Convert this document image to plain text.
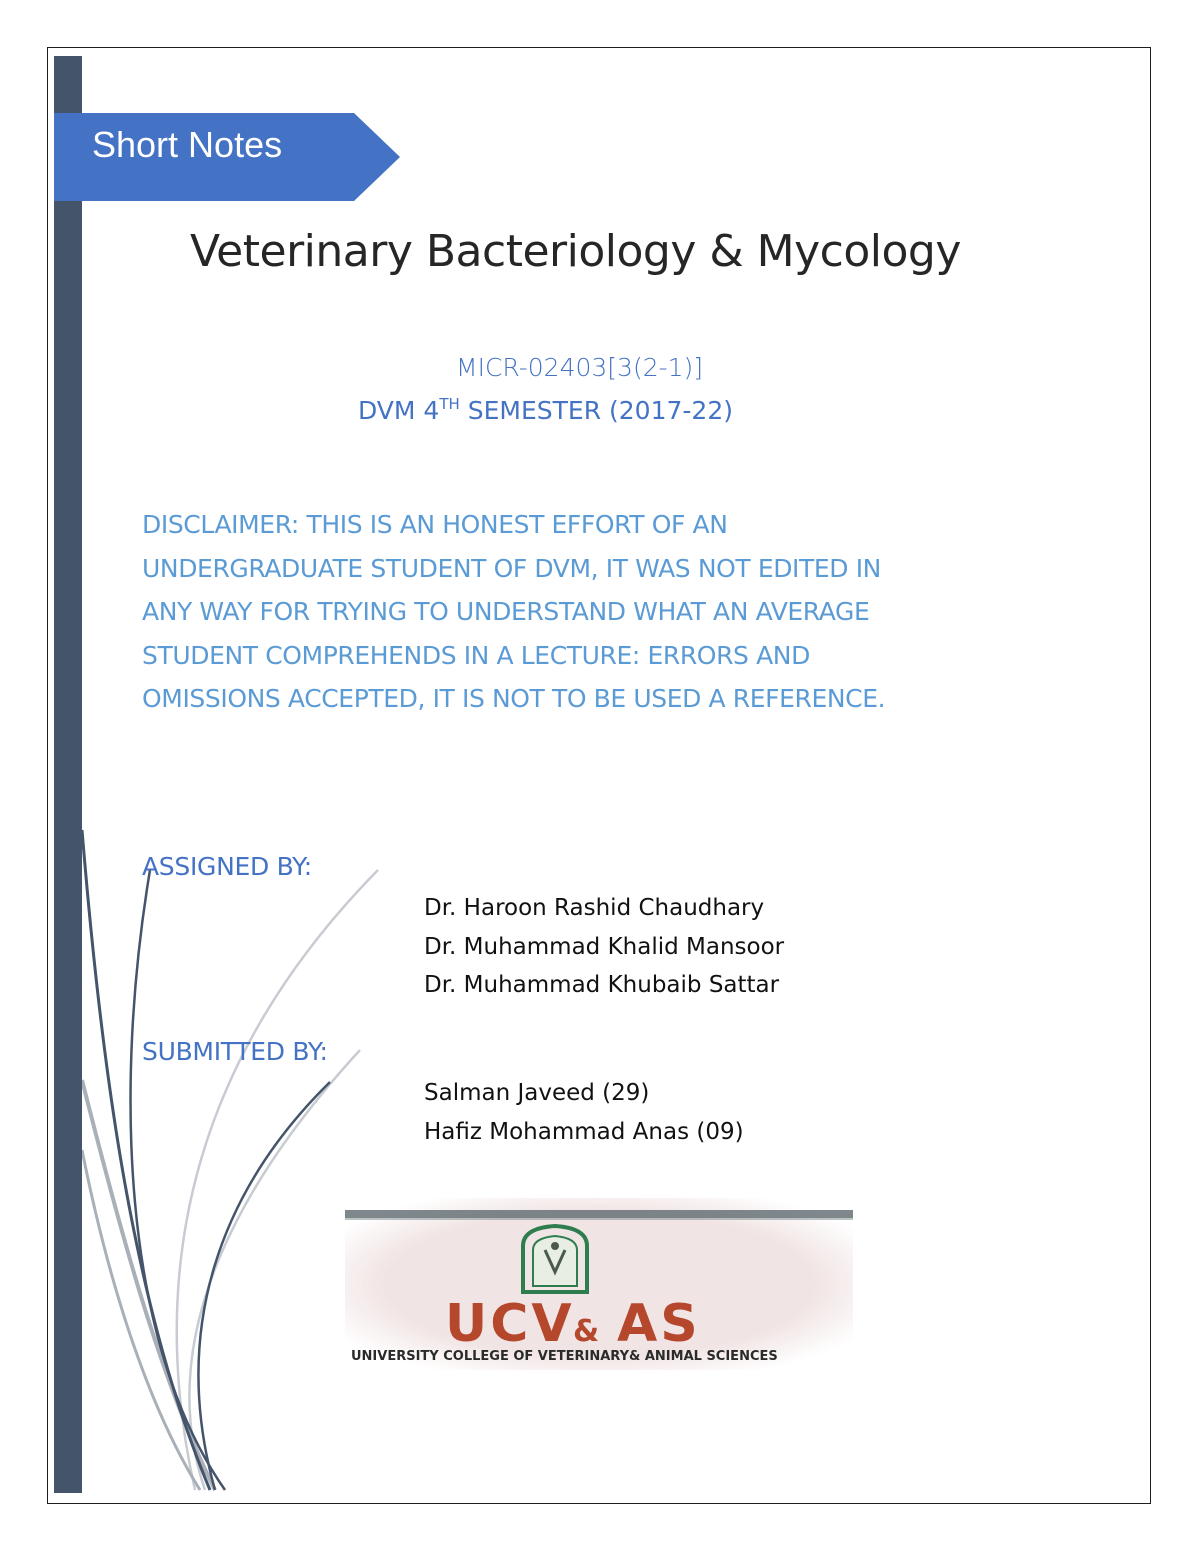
Short Notes
Veterinary Bacteriology & Mycology
MICR-02403[3(2-1)]
DVM 4TH SEMESTER (2017-22)
DISCLAIMER: THIS IS AN HONEST EFFORT OF AN
UNDERGRADUATE STUDENT OF DVM, IT WAS NOT EDITED IN
ANY WAY FOR TRYING TO UNDERSTAND WHAT AN AVERAGE
STUDENT COMPREHENDS IN A LECTURE: ERRORS AND
OMISSIONS ACCEPTED, IT IS NOT TO BE USED A REFERENCE.
ASSIGNED BY:
Dr. Haroon Rashid Chaudhary
Dr. Muhammad Khalid Mansoor
Dr. Muhammad Khubaib Sattar
SUBMITTED BY:
Salman Javeed (29)
Hafiz Mohammad Anas (09)
UCV
& AS
UNIVERSITY COLLEGE OF VETERINARY& ANIMAL SCIENCES
